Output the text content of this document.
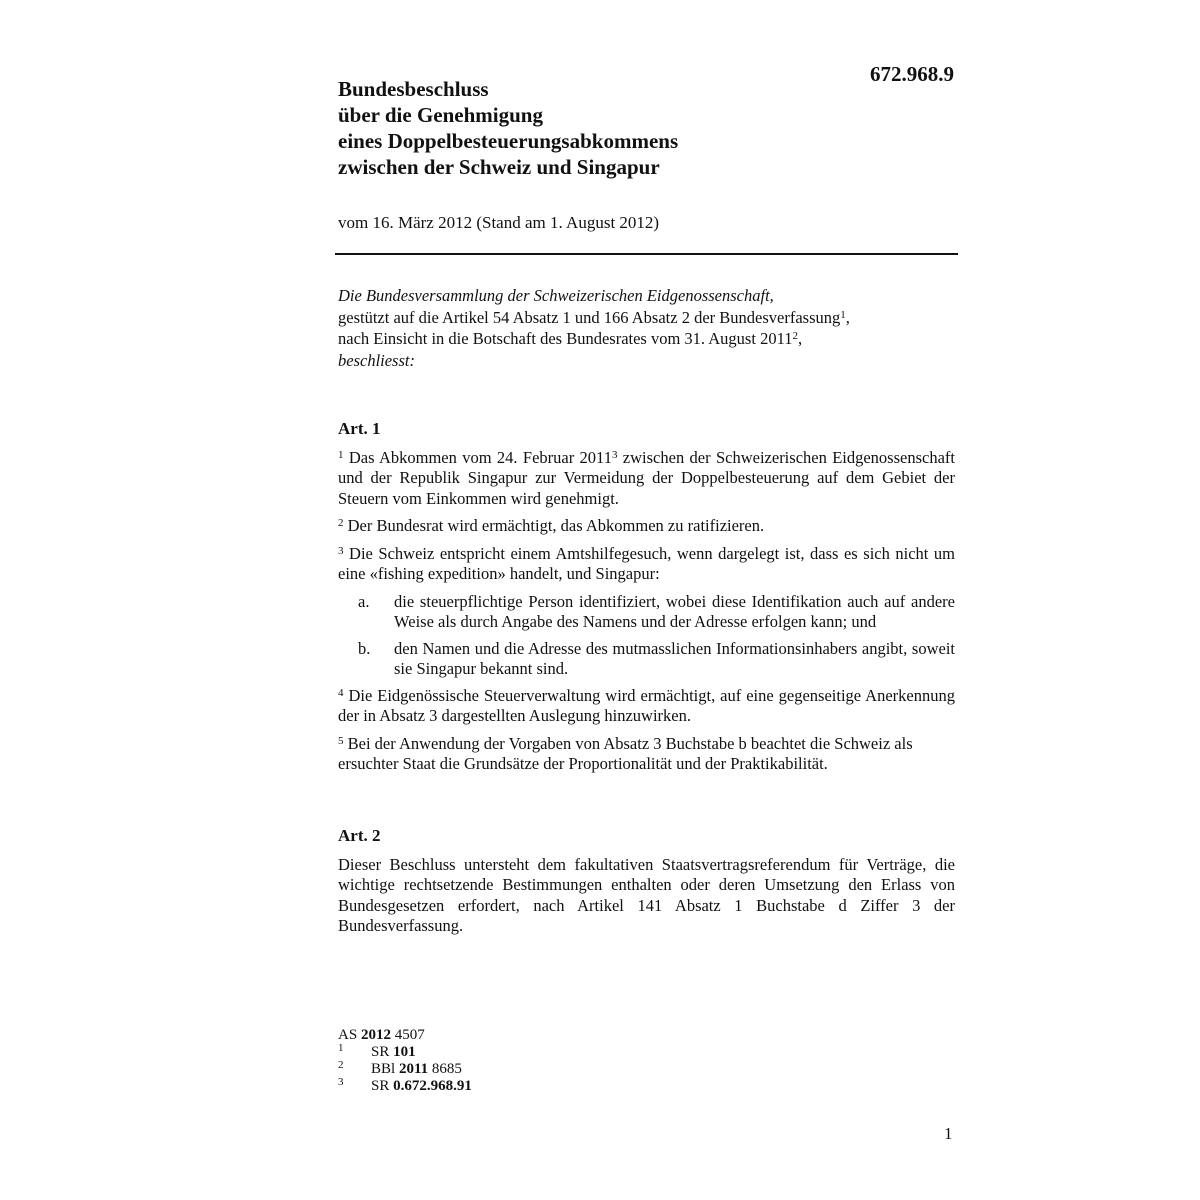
672.968.9
Bundesbeschluss
über die Genehmigung
eines Doppelbesteuerungsabkommens
zwischen der Schweiz und Singapur
vom 16. März 2012 (Stand am 1. August 2012)

Die Bundesversammlung der Schweizerischen Eidgenossenschaft,

gestützt auf die Artikel 54 Absatz 1 und 166 Absatz 2 der Bundesverfassung$^1$,

nach Einsicht in die Botschaft des Bundesrates vom 31. August 2011$^2$,

beschliesst:

Art. 1

$^1$ Das Abkommen vom 24. Februar 2011$^3$ zwischen der Schweizerischen Eidgenossenschaft und der Republik Singapur zur Vermeidung der Doppelbesteuerung auf dem Gebiet der Steuern vom Einkommen wird genehmigt.

$^2$ Der Bundesrat wird ermächtigt, das Abkommen zu ratifizieren.

$^3$ Die Schweiz entspricht einem Amtshilfegesuch, wenn dargelegt ist, dass es sich nicht um eine «fishing expedition» handelt, und Singapur:

a. die steuerpflichtige Person identifiziert, wobei diese Identifikation auch auf andere Weise als durch Angabe des Namens und der Adresse erfolgen kann; und
b. den Namen und die Adresse des mutmasslichen Informationsinhabers angibt, soweit sie Singapur bekannt sind.

$^4$ Die Eidgenössische Steuerverwaltung wird ermächtigt, auf eine gegenseitige Anerkennung der in Absatz 3 dargestellten Auslegung hinzuwirken.

$^5$ Bei der Anwendung der Vorgaben von Absatz 3 Buchstabe b beachtet die Schweiz als ersuchter Staat die Grundsätze der Proportionalität und der Praktikabilität.

Art. 2

Dieser Beschluss untersteht dem fakultativen Staatsvertragsreferendum für Verträge, die wichtige rechtsetzende Bestimmungen enthalten oder deren Umsetzung den Erlass von Bundesgesetzen erfordert, nach Artikel 141 Absatz 1 Buchstabe d Ziffer 3 der Bundesverfassung.

AS 2012 4507
1 SR 101
2 BBl 2011 8685
3 SR 0.672.968.91
1
